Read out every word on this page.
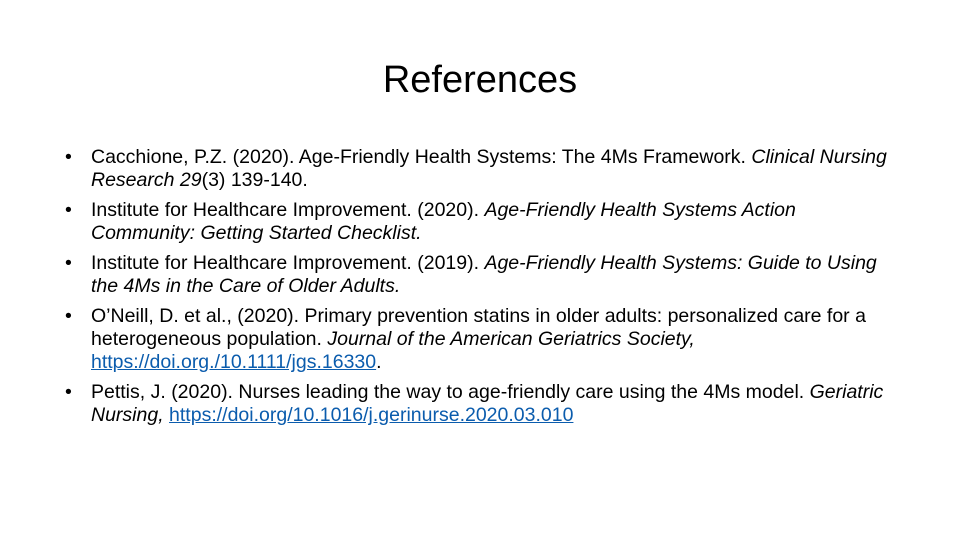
References
• Cacchione, P.Z. (2020). Age-Friendly Health Systems: The 4Ms Framework. Clinical Nursing Research 29(3) 139-140.
• Institute for Healthcare Improvement. (2020). Age-Friendly Health Systems Action Community: Getting Started Checklist.
• Institute for Healthcare Improvement. (2019). Age-Friendly Health Systems: Guide to Using the 4Ms in the Care of Older Adults.
• O’Neill, D. et al., (2020). Primary prevention statins in older adults: personalized care for a heterogeneous population. Journal of the American Geriatrics Society, https://doi.org./10.1111/jgs.16330.
• Pettis, J. (2020). Nurses leading the way to age-friendly care using the 4Ms model. Geriatric Nursing, https://doi.org/10.1016/j.gerinurse.2020.03.010
